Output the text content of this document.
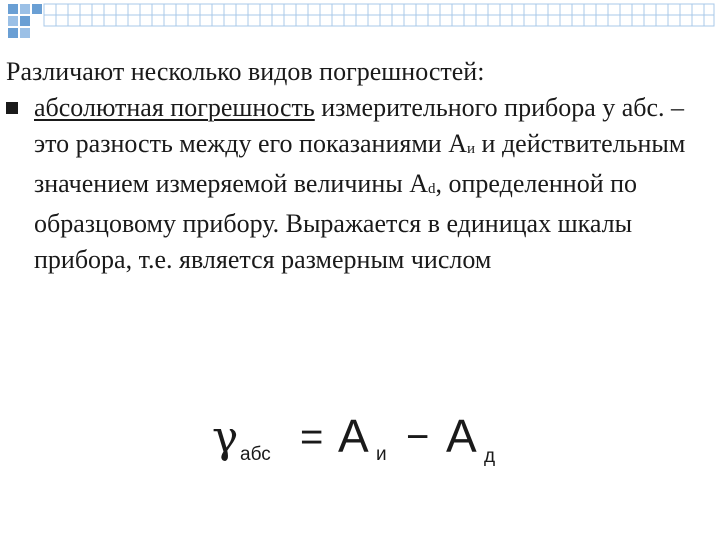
Различают несколько видов погрешностей:

абсолютная погрешность измерительного прибора у абс. – это разность между его показаниями Аи и действительным значением измеряемой величины Аd, определенной по образцовому прибору. Выражается в единицах шкалы прибора, т.е. является размерным числом

γ абс = А и − А д
